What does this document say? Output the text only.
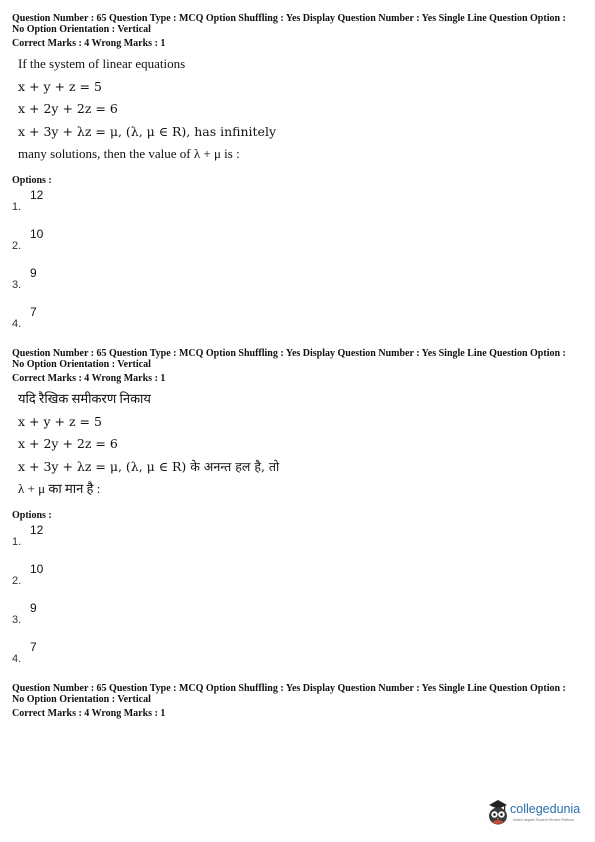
Question Number : 65 Question Type : MCQ Option Shuffling : Yes Display Question Number : Yes Single Line Question Option :
No Option Orientation : Vertical
Correct Marks : 4 Wrong Marks : 1
If the system of linear equations
x + y + z = 5
x + 2y + 2z = 6
x + 3y + λz = μ, (λ, μ ∈ R), has infinitely
many solutions, then the value of λ + μ is :
Options :
1.
12
2.
10
3.
9
4.
7
Question Number : 65 Question Type : MCQ Option Shuffling : Yes Display Question Number : Yes Single Line Question Option :
No Option Orientation : Vertical
Correct Marks : 4 Wrong Marks : 1
यदि रैखिक समीकरण निकाय
x + y + z = 5
x + 2y + 2z = 6
x + 3y + λz = μ, (λ, μ ∈ R) के अनन्त हल है, तो
λ + μ का मान है :
Options :
1.
12
2.
10
3.
9
4.
7
Question Number : 65 Question Type : MCQ Option Shuffling : Yes Display Question Number : Yes Single Line Question Option :
No Option Orientation : Vertical
Correct Marks : 4 Wrong Marks : 1
collegedunia
India's largest Student Review Platform
